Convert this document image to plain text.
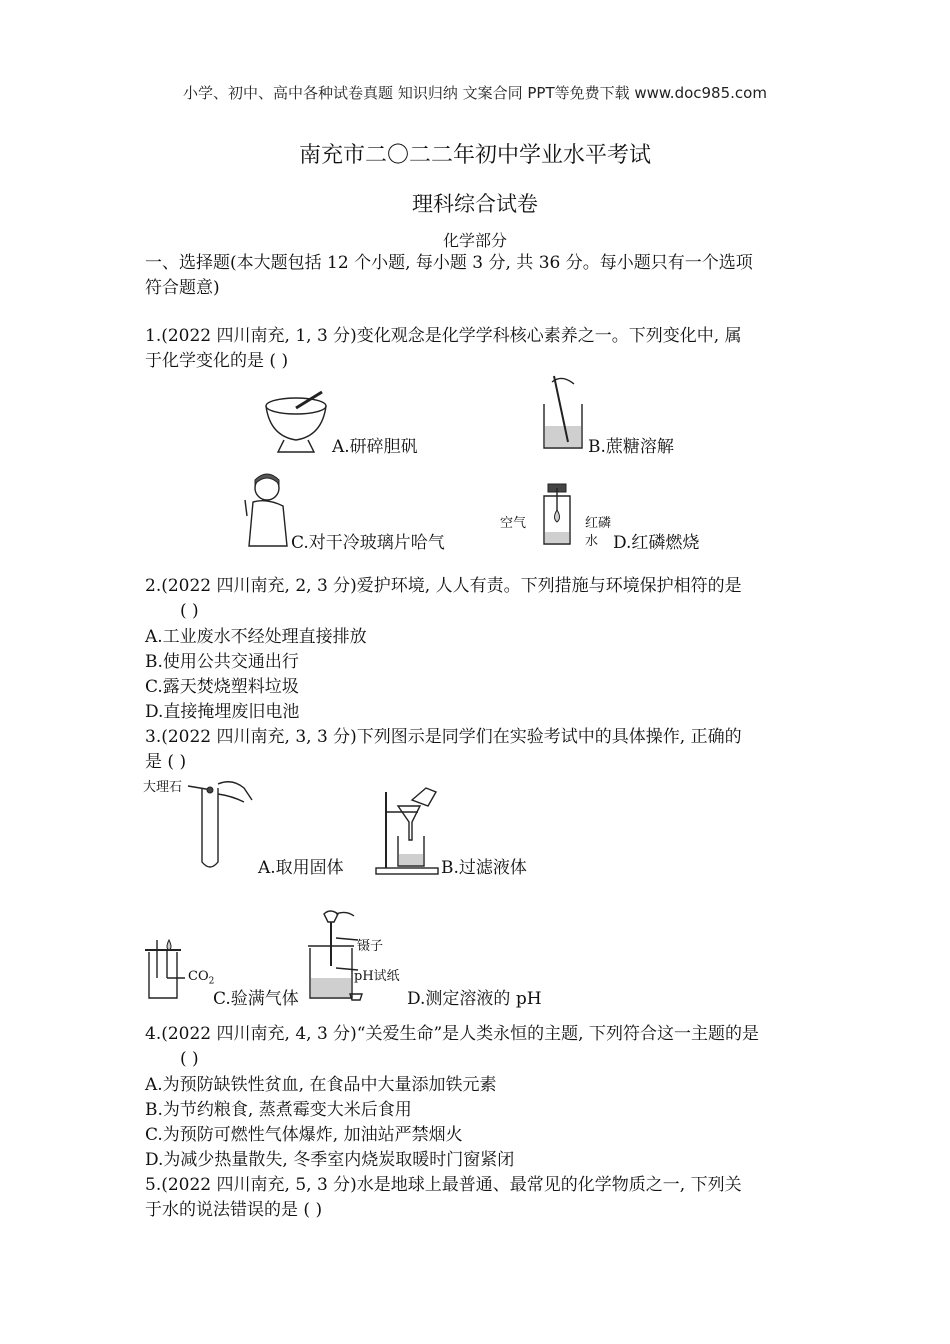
小学、初中、高中各种试卷真题 知识归纳 文案合同 PPT等免费下载 www.doc985.com
南充市二〇二二年初中学业水平考试
理科综合试卷
化学部分
一、选择题(本大题包括 12 个小题, 每小题 3 分, 共 36 分。每小题只有一个选项
符合题意)
1.(2022 四川南充, 1, 3 分)变化观念是化学学科核心素养之一。下列变化中, 属
于化学变化的是 ( )
A.研碎胆矾	B.蔗糖溶解
C.对干冷玻璃片哈气
空气	红磷
水 D.红磷燃烧
2.(2022 四川南充, 2, 3 分)爱护环境, 人人有责。下列措施与环境保护相符的是
( )
A.工业废水不经处理直接排放
B.使用公共交通出行
C.露天焚烧塑料垃圾
D.直接掩埋废旧电池
3.(2022 四川南充, 3, 3 分)下列图示是同学们在实验考试中的具体操作, 正确的
是 ( )
大理石
A.取用固体	B.过滤液体
$CO_2$
C.验满气体
镊子
pH试纸
D.测定溶液的 pH
4.(2022 四川南充, 4, 3 分)“关爱生命”是人类永恒的主题, 下列符合这一主题的是
( )
A.为预防缺铁性贫血, 在食品中大量添加铁元素
B.为节约粮食, 蒸煮霉变大米后食用
C.为预防可燃性气体爆炸, 加油站严禁烟火
D.为减少热量散失, 冬季室内烧炭取暖时门窗紧闭
5.(2022 四川南充, 5, 3 分)水是地球上最普通、最常见的化学物质之一, 下列关
于水的说法错误的是 ( )
